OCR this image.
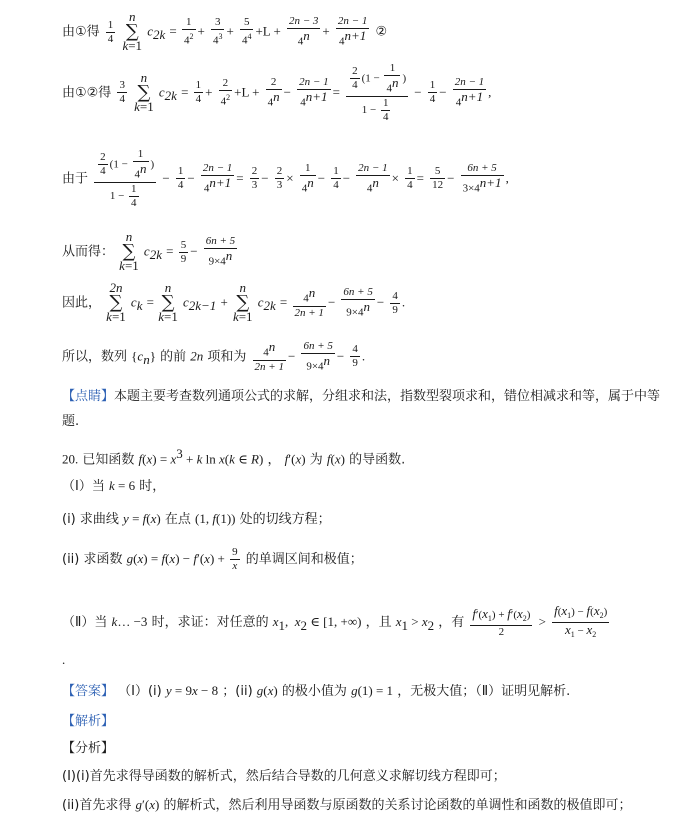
由①得 $\frac{1}{4}$
n
∑
k=1 $c_{2k} = \frac{1}{4^2} + \frac{3}{4^3} + \frac{5}{4^4} +L + \frac{2n - 3}{4^n} + \frac{2n - 1}{4^{n+1}}$ ②
由①②得 $\frac{3}{4}$
n
∑
k=1 $c_{2k} = \frac{1}{4} + \frac{2}{4^2} +L + \frac{2}{4^n} - \frac{2n - 1}{4^{n+1}} = \frac{\frac{2}{4} (1 - \frac{1}{4^n} )}{1 - \frac{1}{4}} - \frac{1}{4} - \frac{2n - 1}{4^{n+1}}$ ,
由于 $\frac{\frac{2}{4} (1 - \frac{1}{4^n} )}{1 - \frac{1}{4}} - \frac{1}{4} - \frac{2n - 1}{4^{n+1}} = \frac{2}{3} - \frac{2}{3} \times \frac{1}{4^n} - \frac{1}{4} - \frac{2n - 1}{4^n} \times \frac{1}{4} = \frac{5}{12} - \frac{6n + 5}{3\times 4^{n+1}}$ ,
从而得： n
∑
k=1 $c_{2k} = \frac{5}{9} - \frac{6n + 5}{9\times 4^n}$
因此， 2n
∑
k=1 $c_k = n$
∑
k=1 $c_{2k-1} + n$
∑
k=1 $c_{2k} = \frac{4^n}{2n + 1} - \frac{6n + 5}{9\times 4^n} - \frac{4}{9}$ .
所以，数列 $\{c_n\}$ 的前 2n 项和为 $\frac{4^n}{2n + 1} - \frac{6n + 5}{9\times 4^n} - \frac{4}{9}$ .
【点睛】本题主要考查数列通项公式的求解，分组求和法，指数型裂项求和，错位相减求和等，属于中等
题.
20. 已知函数 $f(x) = x^3 + k$ ln x(k ∈ R) ， f′(x) 为 f(x) 的导函数.
（Ⅰ）当 k = 6 时，
(i) 求曲线 y = f(x) 在点 (1, f(1)) 处的切线方程；
(ii) 求函数 $g(x) = f(x) - f'(x) + \frac{9}{x}$ 的单调区间和极值；
（Ⅱ）当 k… −3 时，求证：对任意的 $x_1$,  $x_2$ ∈ [1, +∞) ，且 $x_1 > x_2$ ，有 $\frac{f'(x_1) + f'(x_2)}{2} > \frac{f(x_1) - f(x_2)}{x_1 - x_2}$
.
【答案】 （Ⅰ）(i) y = 9x − 8 ；(ii) g(x) 的极小值为 g(1) = 1 ，无极大值；（Ⅱ）证明见解析.
【解析】
【分析】
(Ⅰ)(i)首先求得导函数的解析式，然后结合导数的几何意义求解切线方程即可；
(ii)首先求得 g′(x) 的解析式，然后利用导函数与原函数的关系讨论函数的单调性和函数的极值即可；
